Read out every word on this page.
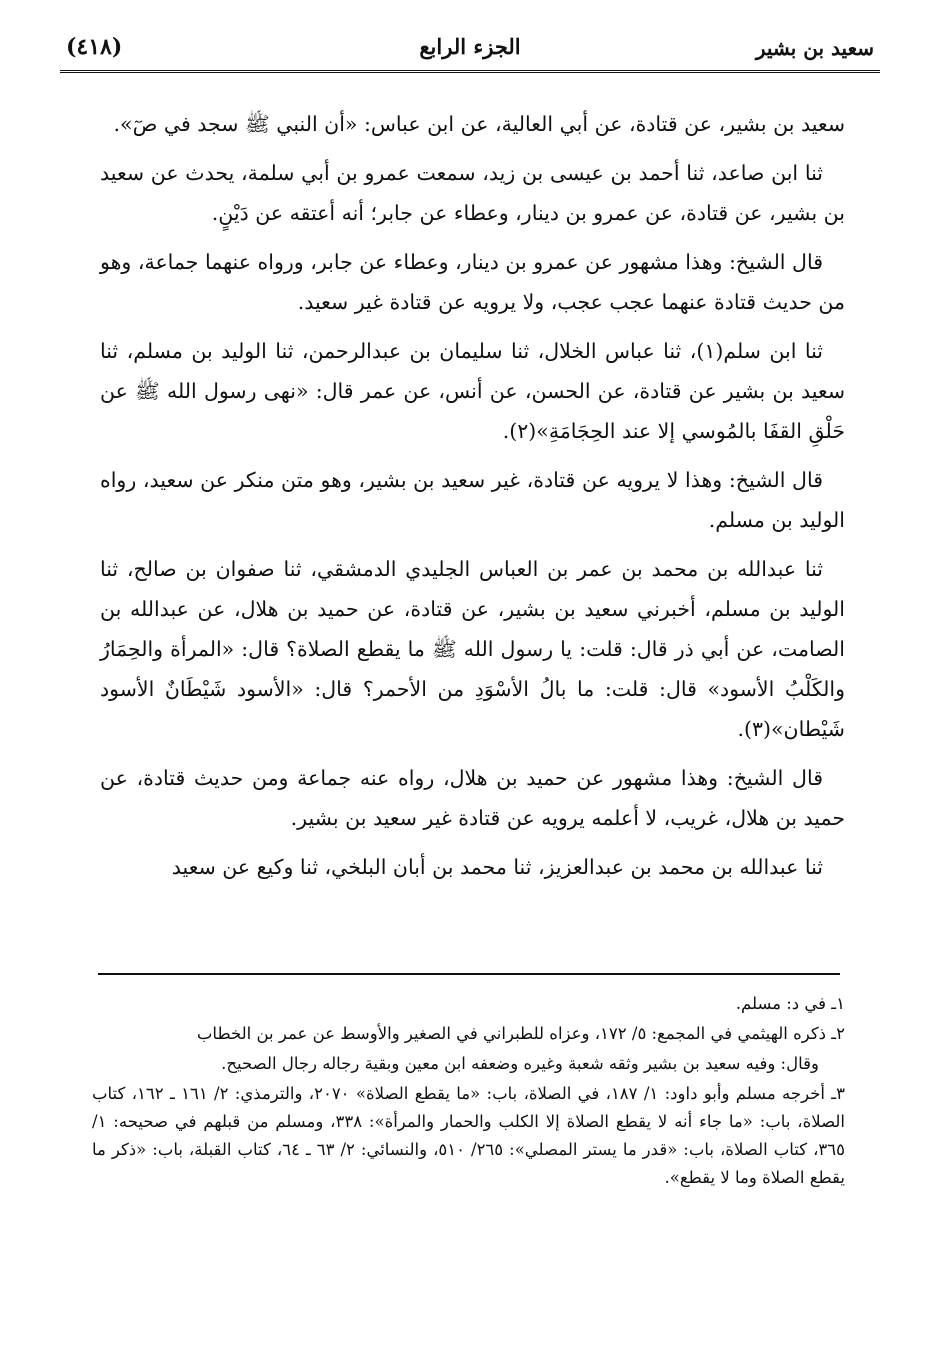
سعيد بن بشير
الجزء الرابع
(٤١٨)

سعيد بن بشير، عن قتادة، عن أبي العالية، عن ابن عباس: «أن النبي ﷺ سجد في صٓ».

ثنا ابن صاعد، ثنا أحمد بن عيسى بن زيد، سمعت عمرو بن أبي سلمة، يحدث عن سعيد بن بشير، عن قتادة، عن عمرو بن دينار، وعطاء عن جابر؛ أنه أعتقه عن دَيْنٍ.

قال الشيخ: وهذا مشهور عن عمرو بن دينار، وعطاء عن جابر، ورواه عنهما جماعة، وهو من حديث قتادة عنهما عجب عجب، ولا يرويه عن قتادة غير سعيد.

ثنا ابن سلم(١)، ثنا عباس الخلال، ثنا سليمان بن عبدالرحمن، ثنا الوليد بن مسلم، ثنا سعيد بن بشير عن قتادة، عن الحسن، عن أنس، عن عمر قال: «نهى رسول الله ﷺ عن حَلْقِ القفَا بالمُوسي إلا عند الحِجَامَةِ»(٢).

قال الشيخ: وهذا لا يرويه عن قتادة، غير سعيد بن بشير، وهو متن منكر عن سعيد، رواه الوليد بن مسلم.

ثنا عبدالله بن محمد بن عمر بن العباس الجليدي الدمشقي، ثنا صفوان بن صالح، ثنا الوليد بن مسلم، أخبرني سعيد بن بشير، عن قتادة، عن حميد بن هلال، عن عبدالله بن الصامت، عن أبي ذر قال: قلت: يا رسول الله ﷺ ما يقطع الصلاة؟ قال: «المرأة والحِمَارُ والكَلْبُ الأسود» قال: قلت: ما بالُ الأسْوَدِ من الأحمر؟ قال: «الأسود شَيْطَانٌ الأسود شَيْطان»(٣).

قال الشيخ: وهذا مشهور عن حميد بن هلال، رواه عنه جماعة ومن حديث قتادة، عن حميد بن هلال، غريب، لا أعلمه يرويه عن قتادة غير سعيد بن بشير.

ثنا عبدالله بن محمد بن عبدالعزيز، ثنا محمد بن أبان البلخي، ثنا وكيع عن سعيد

١ـ في د: مسلم.

٢ـ ذكره الهيثمي في المجمع: ٥/ ١٧٢، وعزاه للطبراني في الصغير والأوسط عن عمر بن الخطاب

وقال: وفيه سعيد بن بشير وثقه شعبة وغيره وضعفه ابن معين وبقية رجاله رجال الصحيح.

٣ـ أخرجه مسلم وأبو داود: ١/ ١٨٧، في الصلاة، باب: «ما يقطع الصلاة» ٢٠٧٠، والترمذي: ٢/ ١٦١ ـ ١٦٢، كتاب الصلاة، باب: «ما جاء أنه لا يقطع الصلاة إلا الكلب والحمار والمرأة»: ٣٣٨، ومسلم من قبلهم في صحيحه: ١/ ٣٦٥، كتاب الصلاة، باب: «قدر ما يستر المصلي»: ٢٦٥/ ٥١٠، والنسائي: ٢/ ٦٣ ـ ٦٤، كتاب القبلة، باب: «ذكر ما يقطع الصلاة وما لا يقطع».
